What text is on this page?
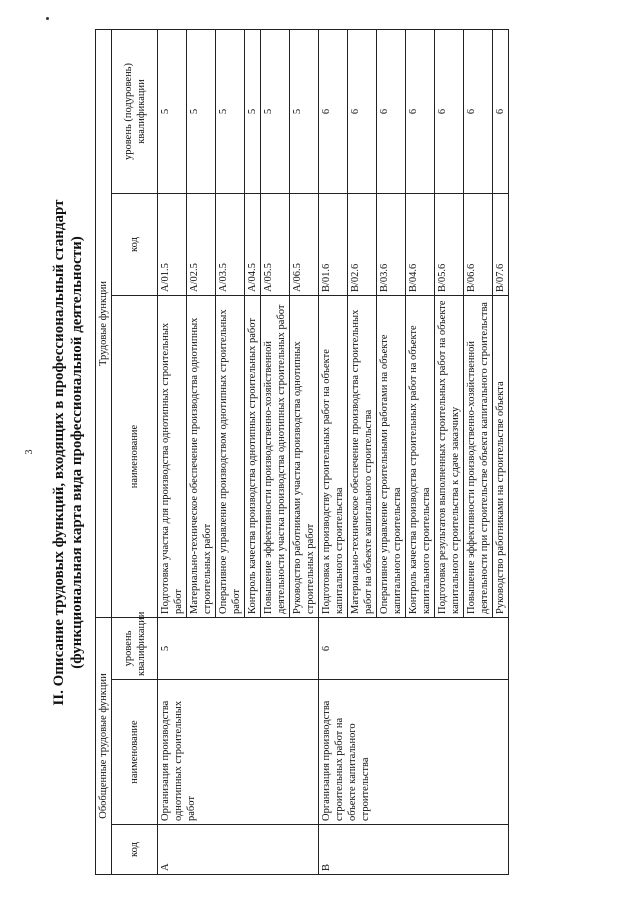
3 II. Описание трудовых функций, входящих в профессиональный стандарт (функциональная карта вида профессиональной деятельности)
Обобщенные трудовые функции			Трудовые функции		
код	наименование	уровень квалификации	наименование	код	уровень (подуровень) квалификации
A	Организация производства однотипных строительных работ	5	Подготовка участка для производства однотипных строительных работ	A/01.5	5
			Материально-техническое обеспечение производства однотипных строительных работ	A/02.5	5
			Оперативное управление производством однотипных строительных работ	A/03.5	5
			Контроль качества производства однотипных строительных работ	A/04.5	5
			Повышение эффективности производственно-хозяйственной деятельности участка производства однотипных строительных работ	A/05.5	5
			Руководство работниками участка производства однотипных строительных работ	A/06.5	5
B	Организация производства строительных работ на объекте капитального строительства	6	Подготовка к производству строительных работ на объекте капитального строительства	B/01.6	6
			Материально-техническое обеспечение производства строительных работ на объекте капитального строительства	B/02.6	6
			Оперативное управление строительными работами на объекте капитального строительства	B/03.6	6
			Контроль качества производства строительных работ на объекте капитального строительства	B/04.6	6
			Подготовка результатов выполненных строительных работ на объекте капитального строительства к сдаче заказчику	B/05.6	6
			Повышение эффективности производственно-хозяйственной деятельности при строительстве объекта капитального строительства	B/06.6	6
			Руководство работниками на строительстве объекта	B/07.6	6
